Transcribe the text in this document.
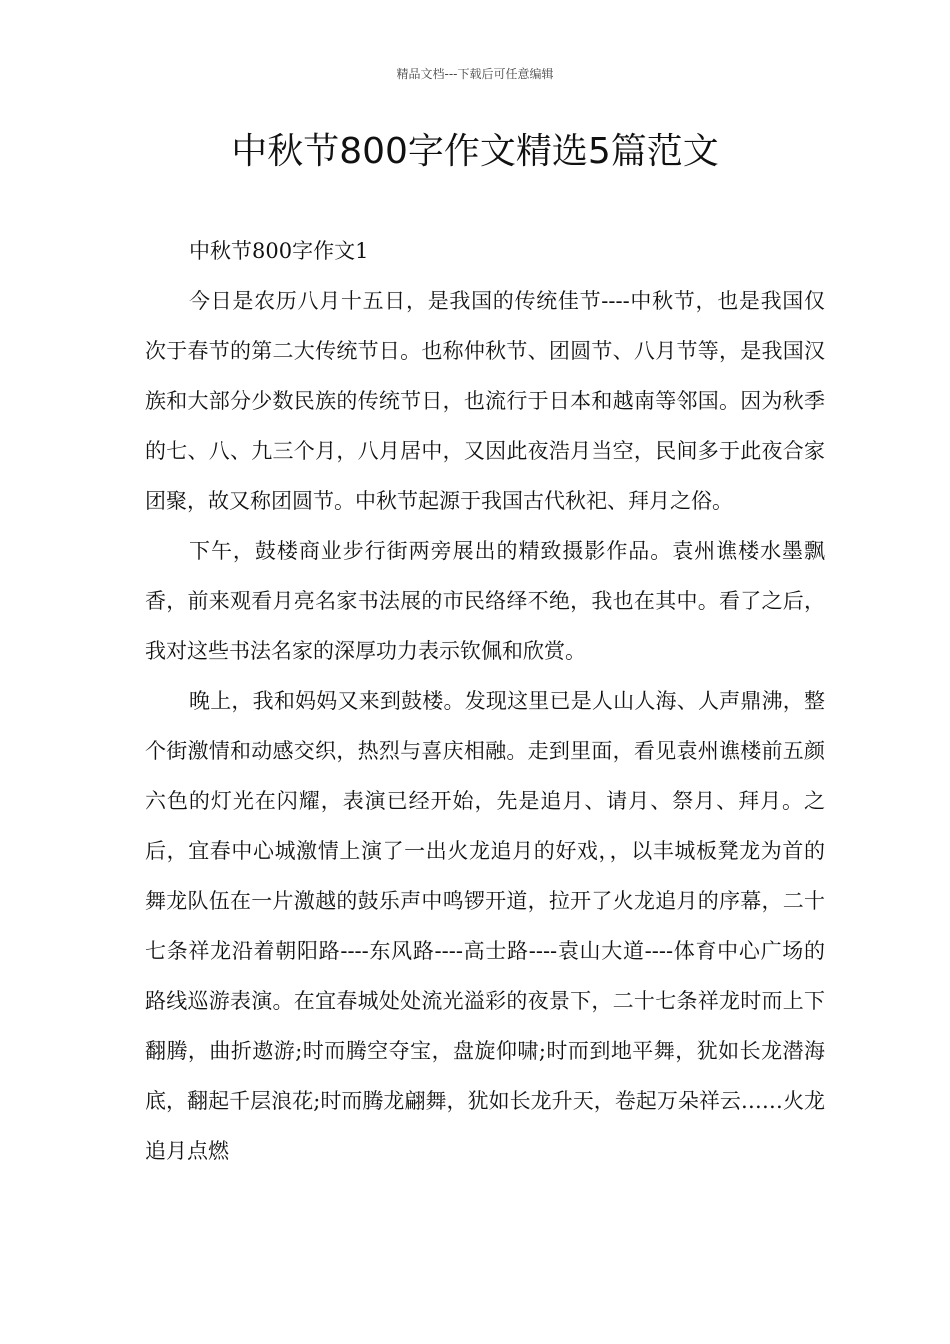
精品文档---下载后可任意编辑
中秋节800字作文精选5篇范文

中秋节800字作文1

今日是农历八月十五日，是我国的传统佳节----中秋节，也是我国仅次于春节的第二大传统节日。也称仲秋节、团圆节、八月节等，是我国汉族和大部分少数民族的传统节日，也流行于日本和越南等邻国。因为秋季的七、八、九三个月，八月居中，又因此夜浩月当空，民间多于此夜合家团聚，故又称团圆节。中秋节起源于我国古代秋祀、拜月之俗。

下午，鼓楼商业步行街两旁展出的精致摄影作品。袁州谯楼水墨飘香，前来观看月亮名家书法展的市民络绎不绝，我也在其中。看了之后，我对这些书法名家的深厚功力表示钦佩和欣赏。

晚上，我和妈妈又来到鼓楼。发现这里已是人山人海、人声鼎沸，整个街激情和动感交织，热烈与喜庆相融。走到里面，看见袁州谯楼前五颜六色的灯光在闪耀，表演已经开始，先是追月、请月、祭月、拜月。之后，宜春中心城激情上演了一出火龙追月的好戏，，以丰城板凳龙为首的舞龙队伍在一片激越的鼓乐声中鸣锣开道，拉开了火龙追月的序幕，二十七条祥龙沿着朝阳路----东风路----高士路----袁山大道----体育中心广场的路线巡游表演。在宜春城处处流光溢彩的夜景下，二十七条祥龙时而上下翻腾，曲折遨游;时而腾空夺宝，盘旋仰啸;时而到地平舞，犹如长龙潜海底，翻起千层浪花;时而腾龙翩舞，犹如长龙升天，卷起万朵祥云……火龙追月点燃
